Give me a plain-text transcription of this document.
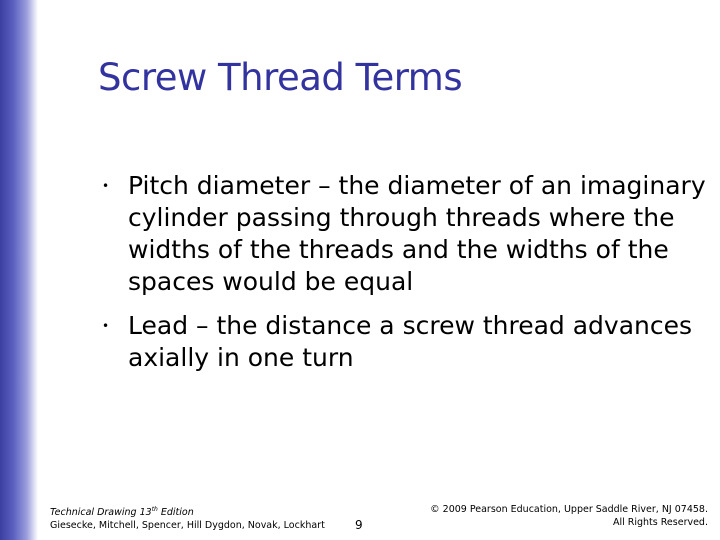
Screw Thread Terms
• Pitch diameter – the diameter of an imaginary cylinder passing through threads where the widths of the threads and the widths of the spaces would be equal
• Lead – the distance a screw thread advances axially in one turn
Technical Drawing 13th Edition
Giesecke, Mitchell, Spencer, Hill Dygdon, Novak, Lockhart	9
© 2009 Pearson Education, Upper Saddle River, NJ 07458.
All Rights Reserved.
